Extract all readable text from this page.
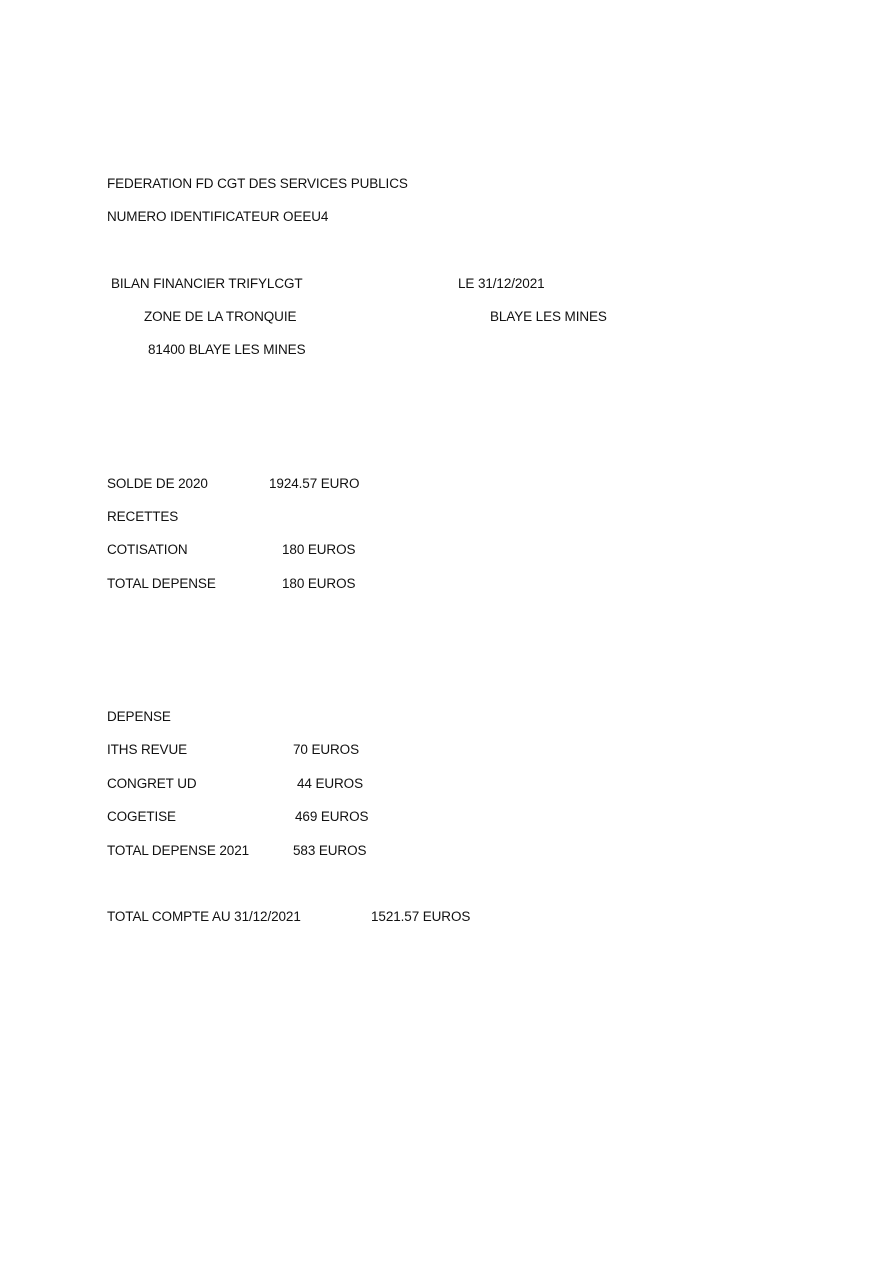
FEDERATION FD CGT DES SERVICES PUBLICS
NUMERO IDENTIFICATEUR OEEU4
BILAN FINANCIER TRIFYLCGT	LE 31/12/2021
ZONE DE LA TRONQUIE	BLAYE LES MINES
81400 BLAYE LES MINES
SOLDE DE 2020	1924.57 EURO
RECETTES
COTISATION	180 EUROS
TOTAL DEPENSE	180 EUROS
DEPENSE
ITHS REVUE	70 EUROS
CONGRET UD	44 EUROS
COGETISE	469 EUROS
TOTAL DEPENSE 2021	583 EUROS
TOTAL COMPTE AU 31/12/2021	1521.57 EUROS
